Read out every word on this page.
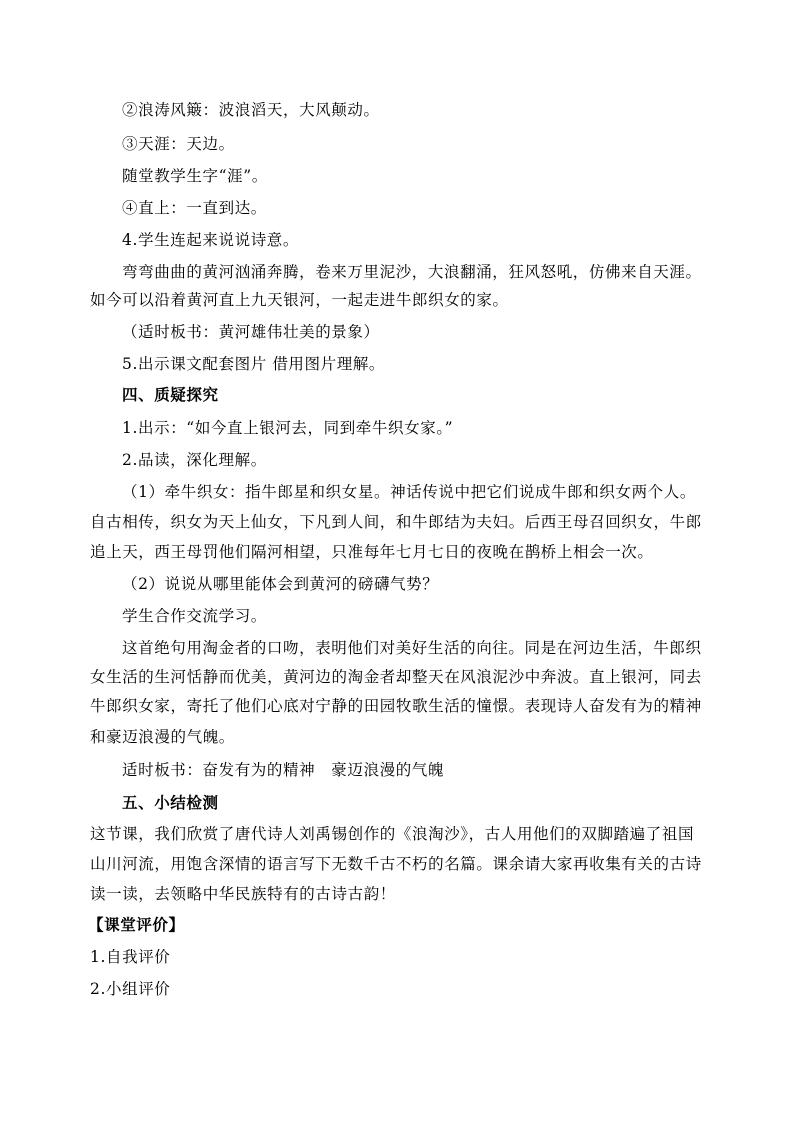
②浪涛风簸：波浪滔天，大风颠动。
③天涯：天边。
随堂教学生字“涯”。
④直上：一直到达。
4.学生连起来说说诗意。
弯弯曲曲的黄河汹涌奔腾，卷来万里泥沙，大浪翻涌，狂风怒吼，仿佛来自天涯。
如今可以沿着黄河直上九天银河，一起走进牛郎织女的家。
（适时板书：黄河雄伟壮美的景象）
5.出示课文配套图片 借用图片理解。
四、质疑探究
1.出示：“如今直上银河去，同到牵牛织女家。”
2.品读，深化理解。
（1）牵牛织女：指牛郎星和织女星。神话传说中把它们说成牛郎和织女两个人。
自古相传，织女为天上仙女，下凡到人间，和牛郎结为夫妇。后西王母召回织女，牛郎
追上天，西王母罚他们隔河相望，只准每年七月七日的夜晚在鹊桥上相会一次。
（2）说说从哪里能体会到黄河的磅礴气势？
学生合作交流学习。
这首绝句用淘金者的口吻，表明他们对美好生活的向往。同是在河边生活，牛郎织
女生活的生河恬静而优美，黄河边的淘金者却整天在风浪泥沙中奔波。直上银河，同去
牛郎织女家，寄托了他们心底对宁静的田园牧歌生活的憧憬。表现诗人奋发有为的精神
和豪迈浪漫的气魄。
适时板书：奋发有为的精神　豪迈浪漫的气魄
五、小结检测
这节课，我们欣赏了唐代诗人刘禹锡创作的《浪淘沙》，古人用他们的双脚踏遍了祖国
山川河流，用饱含深情的语言写下无数千古不朽的名篇。课余请大家再收集有关的古诗
读一读，去领略中华民族特有的古诗古韵！
【课堂评价】
1.自我评价
2.小组评价
